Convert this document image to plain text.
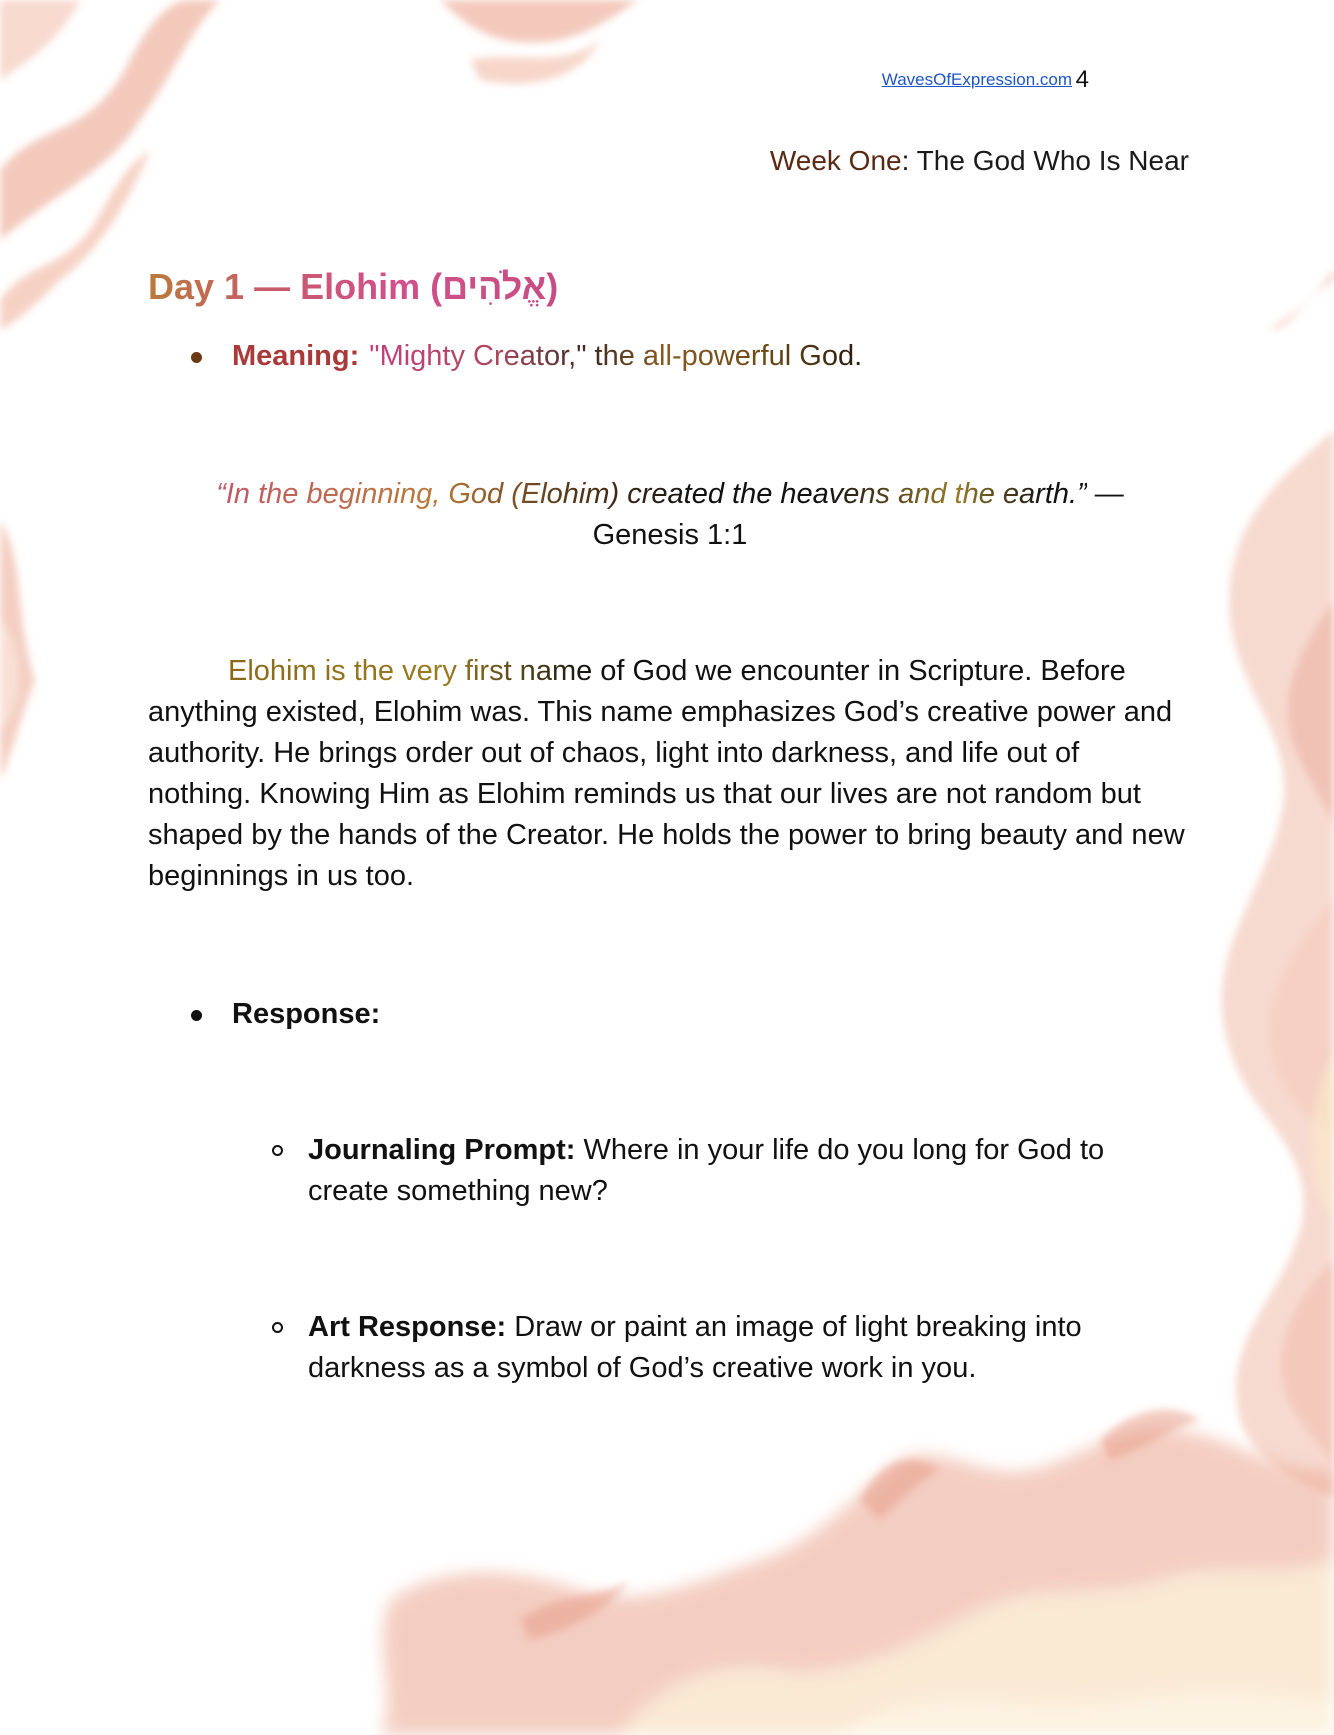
WavesOfExpression.com 4
Week One: The God Who Is Near
Day 1 — Elohim (אֱלֹהִים)
Meaning: "Mighty Creator," the all-powerful God.
“In the beginning, God (Elohim) created the heavens and the earth.” — Genesis 1:1
Elohim is the very first name of God we encounter in Scripture. Before anything existed, Elohim was. This name emphasizes God’s creative power and authority. He brings order out of chaos, light into darkness, and life out of nothing. Knowing Him as Elohim reminds us that our lives are not random but shaped by the hands of the Creator. He holds the power to bring beauty and new beginnings in us too.
Response:
Journaling Prompt: Where in your life do you long for God to create something new?
Art Response: Draw or paint an image of light breaking into darkness as a symbol of God’s creative work in you.
